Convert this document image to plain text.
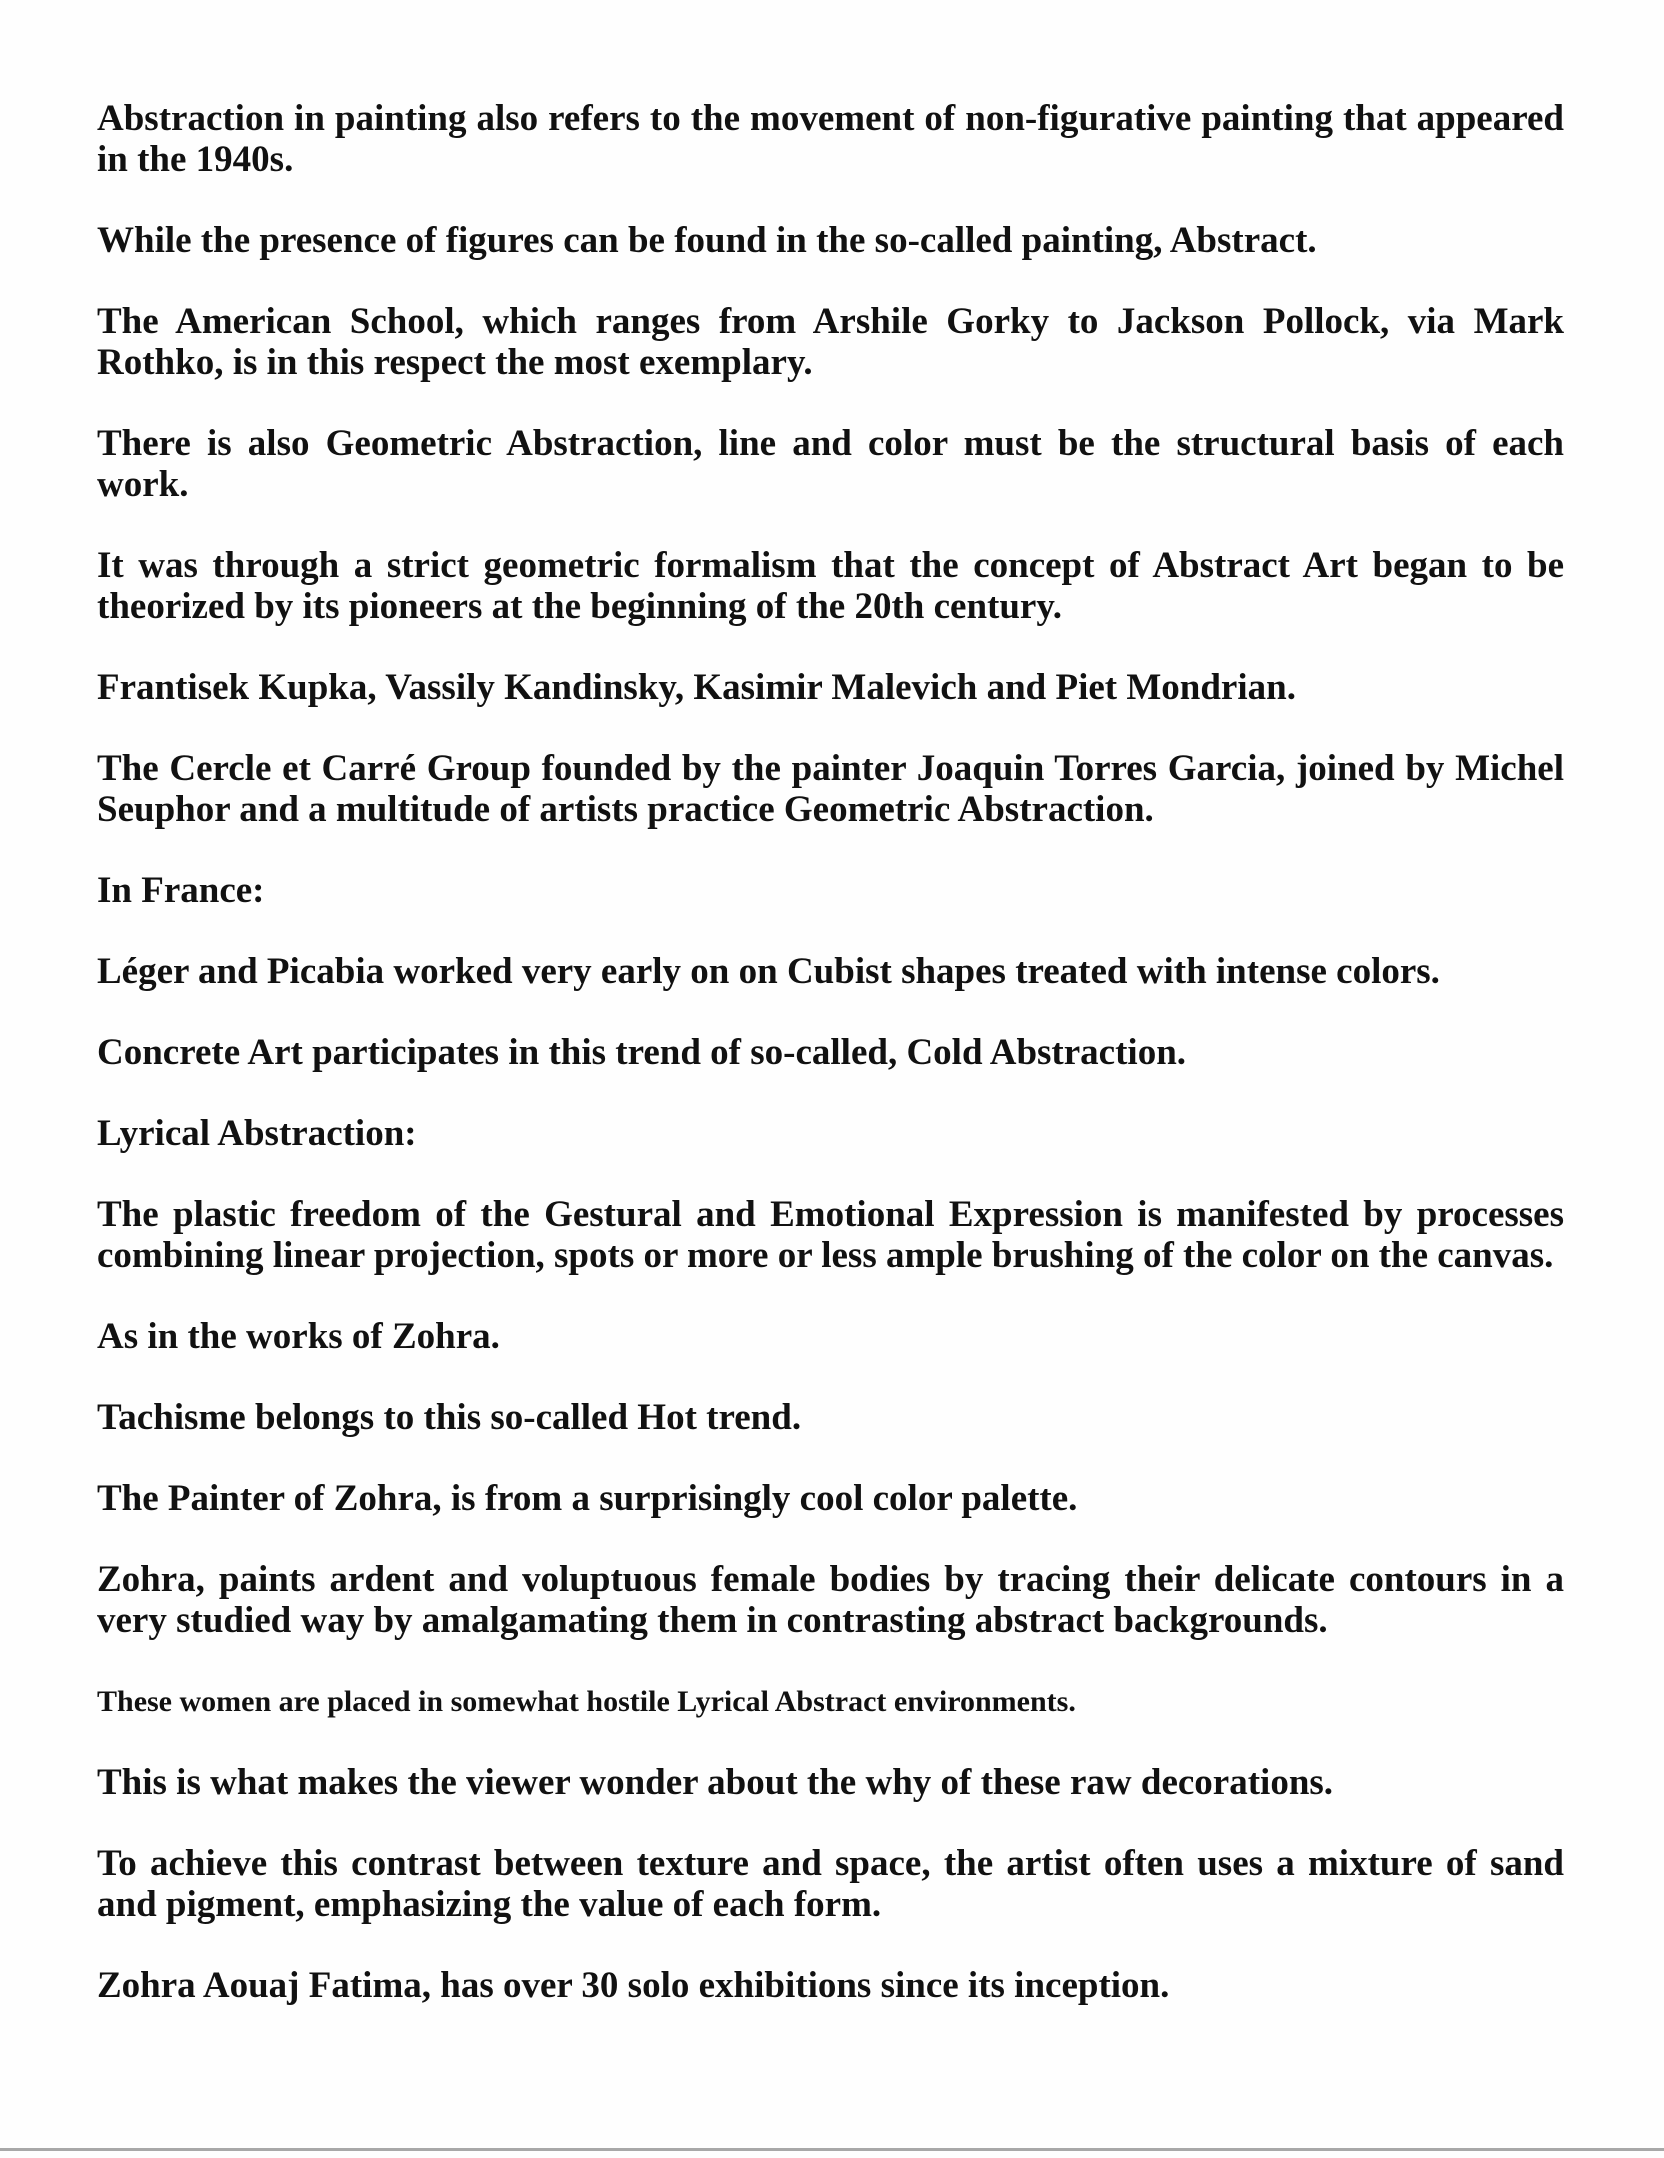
Abstraction in painting also refers to the movement of non-figurative painting that appeared in the 1940s.

While the presence of figures can be found in the so-called painting, Abstract.

The American School, which ranges from Arshile Gorky to Jackson Pollock, via Mark Rothko, is in this respect the most exemplary.

There is also Geometric Abstraction, line and color must be the structural basis of each work.

It was through a strict geometric formalism that the concept of Abstract Art began to be theorized by its pioneers at the beginning of the 20th century.

Frantisek Kupka, Vassily Kandinsky, Kasimir Malevich and Piet Mondrian.

The Cercle et Carré Group founded by the painter Joaquin Torres Garcia, joined by Michel Seuphor and a multitude of artists practice Geometric Abstraction.

In France:

Léger and Picabia worked very early on on Cubist shapes treated with intense colors.

Concrete Art participates in this trend of so-called, Cold Abstraction.

Lyrical Abstraction:

The plastic freedom of the Gestural and Emotional Expression is manifested by processes combining linear projection, spots or more or less ample brushing of the color on the canvas.

As in the works of Zohra.

Tachisme belongs to this so-called Hot trend.

The Painter of Zohra, is from a surprisingly cool color palette.

Zohra, paints ardent and voluptuous female bodies by tracing their delicate contours in a very studied way by amalgamating them in contrasting abstract backgrounds.

These women are placed in somewhat hostile Lyrical Abstract environments.

This is what makes the viewer wonder about the why of these raw decorations.

To achieve this contrast between texture and space, the artist often uses a mixture of sand and pigment, emphasizing the value of each form.

Zohra Aouaj Fatima, has over 30 solo exhibitions since its inception.
